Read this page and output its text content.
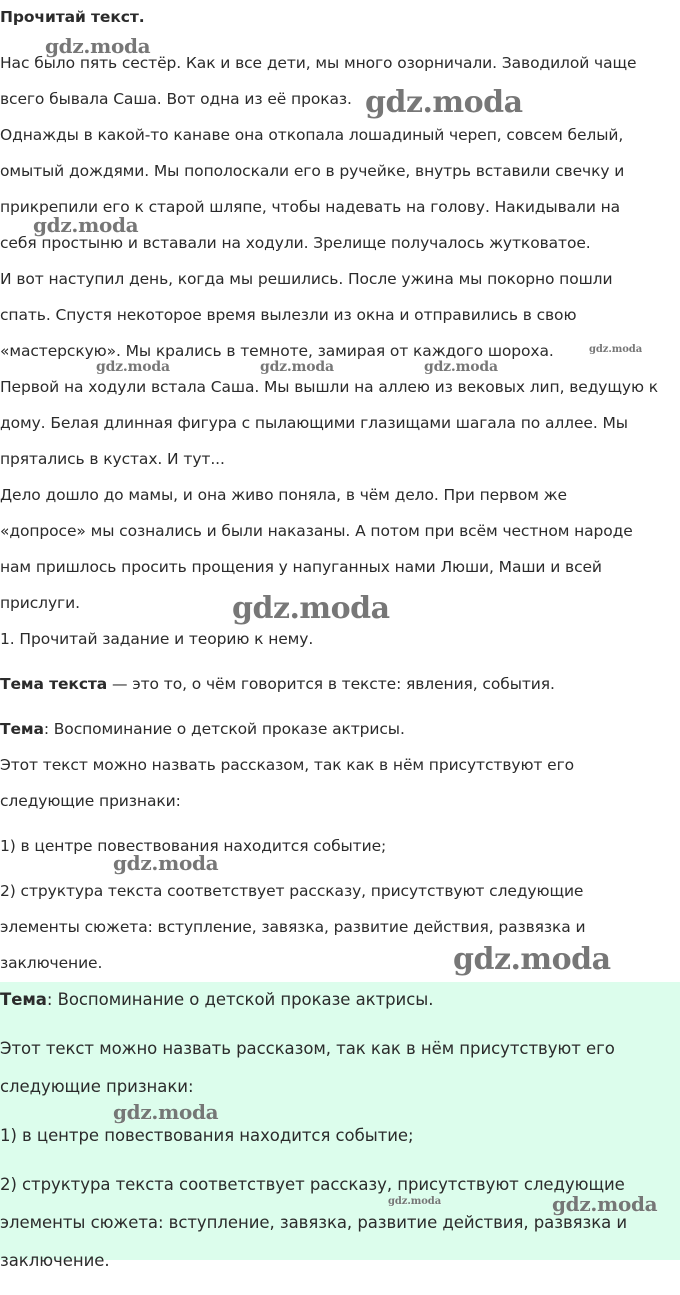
Прочитай текст.
Нас было пять сестёр. Как и все дети, мы много озорничали. Заводилой чаще
всего бывала Саша. Вот одна из её проказ.
Однажды в какой-то канаве она откопала лошадиный череп, совсем белый,
омытый дождями. Мы пополоскали его в ручейке, внутрь вставили свечку и
прикрепили его к старой шляпе, чтобы надевать на голову. Накидывали на
себя простыню и вставали на ходули. Зрелище получалось жутковатое.
И вот наступил день, когда мы решились. После ужина мы покорно пошли
спать. Спустя некоторое время вылезли из окна и отправились в свою
«мастерскую». Мы крались в темноте, замирая от каждого шороха.
Первой на ходули встала Саша. Мы вышли на аллею из вековых лип, ведущую к
дому. Белая длинная фигура с пылающими глазищами шагала по аллее. Мы
прятались в кустах. И тут...
Дело дошло до мамы, и она живо поняла, в чём дело. При первом же
«допросе» мы сознались и были наказаны. А потом при всём честном народе
нам пришлось просить прощения у напуганных нами Люши, Маши и всей
прислуги.
1. Прочитай задание и теорию к нему.
Тема текста — это то, о чём говорится в тексте: явления, события.
Тема: Воспоминание о детской проказе актрисы.
Этот текст можно назвать рассказом, так как в нём присутствуют его
следующие признаки:
1) в центре повествования находится событие;
2) структура текста соответствует рассказу, присутствуют следующие
элементы сюжета: вступление, завязка, развитие действия, развязка и
заключение.
Тема: Воспоминание о детской проказе актрисы.
Этот текст можно назвать рассказом, так как в нём присутствуют его
следующие признаки:
1) в центре повествования находится событие;
2) структура текста соответствует рассказу, присутствуют следующие
элементы сюжета: вступление, завязка, развитие действия, развязка и
заключение.
gdz.moda
gdz.moda
gdz.moda
gdz.moda
gdz.moda	gdz.moda	gdz.moda
gdz.moda
gdz.moda
gdz.moda
gdz.moda
gdz.moda	gdz.moda
